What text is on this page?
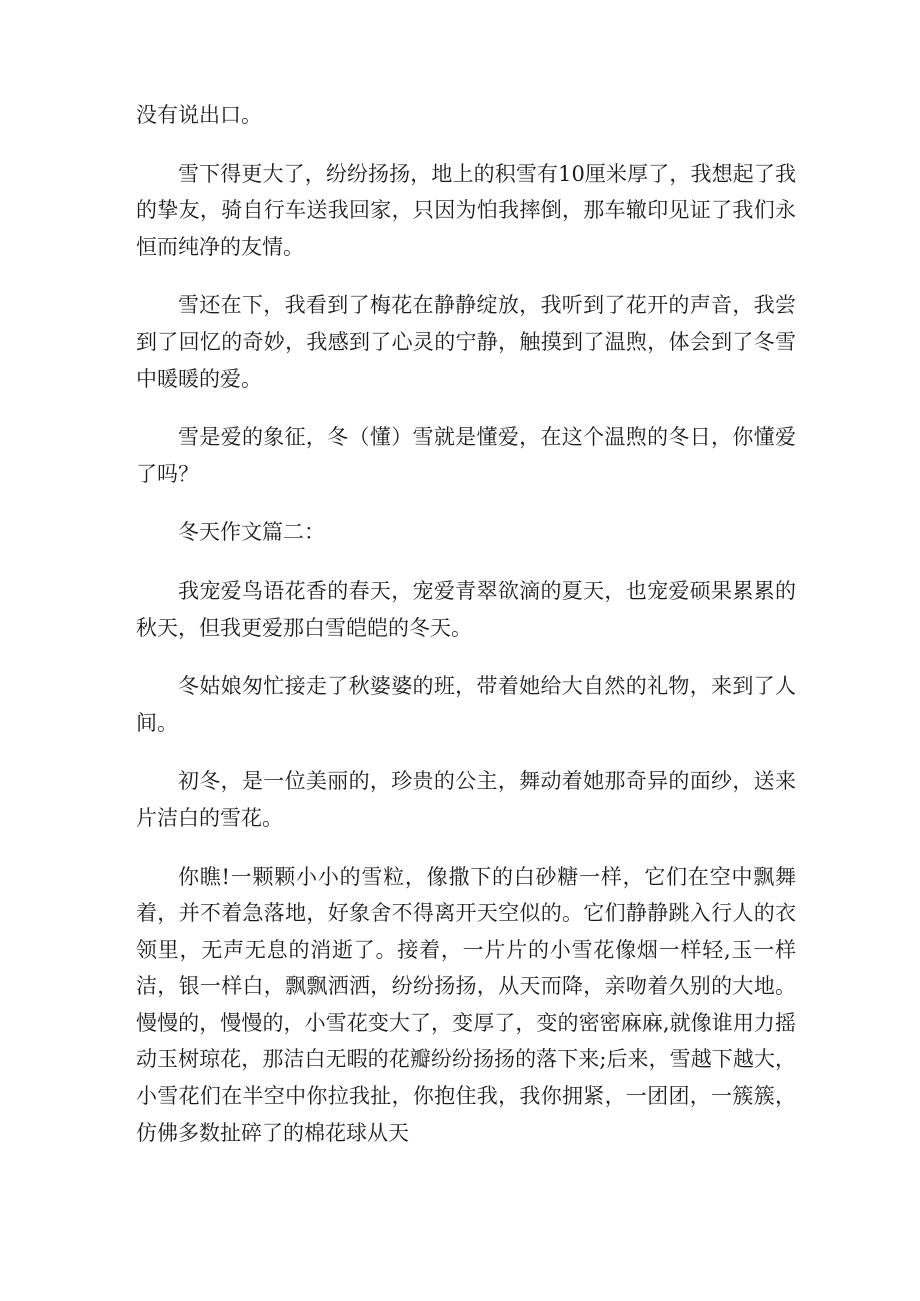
没有说出口。

雪下得更大了，纷纷扬扬，地上的积雪有10厘米厚了，我想起了我的挚友，骑自行车送我回家，只因为怕我摔倒，那车辙印见证了我们永恒而纯净的友情。

雪还在下，我看到了梅花在静静绽放，我听到了花开的声音，我尝到了回忆的奇妙，我感到了心灵的宁静，触摸到了温煦，体会到了冬雪中暖暖的爱。

雪是爱的象征，冬（懂）雪就是懂爱，在这个温煦的冬日，你懂爱了吗？

冬天作文篇二：

我宠爱鸟语花香的春天，宠爱青翠欲滴的夏天，也宠爱硕果累累的秋天，但我更爱那白雪皑皑的冬天。

冬姑娘匆忙接走了秋婆婆的班，带着她给大自然的礼物，来到了人间。

初冬，是一位美丽的，珍贵的公主，舞动着她那奇异的面纱，送来片洁白的雪花。

你瞧!一颗颗小小的雪粒，像撒下的白砂糖一样，它们在空中飘舞着，并不着急落地，好象舍不得离开天空似的。它们静静跳入行人的衣领里，无声无息的消逝了。接着，一片片的小雪花像烟一样轻,玉一样洁，银一样白，飘飘洒洒，纷纷扬扬，从天而降，亲吻着久别的大地。慢慢的，慢慢的，小雪花变大了，变厚了，变的密密麻麻,就像谁用力摇动玉树琼花，那洁白无暇的花瓣纷纷扬扬的落下来;后来，雪越下越大，小雪花们在半空中你拉我扯，你抱住我，我你拥紧，一团团，一簇簇，仿佛多数扯碎了的棉花球从天
